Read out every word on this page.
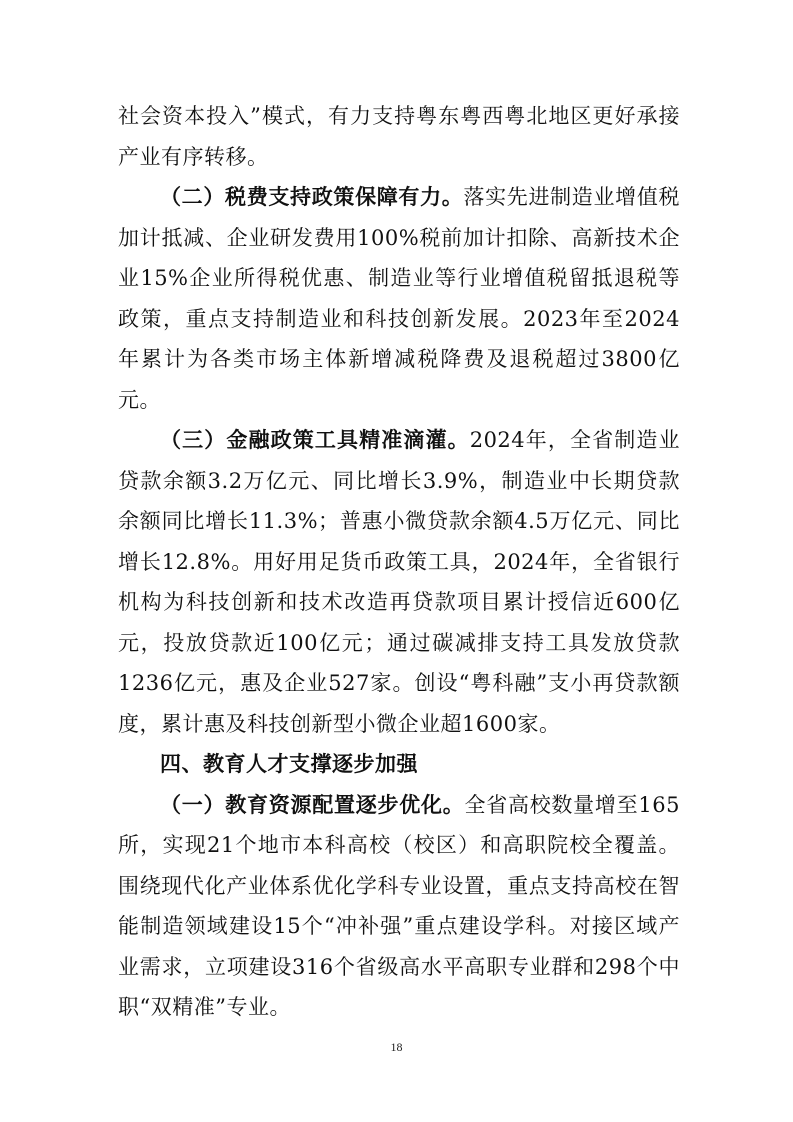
社会资本投入”模式，有力支持粤东粤西粤北地区更好承接产业有序转移。

（二）税费支持政策保障有力。落实先进制造业增值税加计抵减、企业研发费用100%税前加计扣除、高新技术企业15%企业所得税优惠、制造业等行业增值税留抵退税等政策，重点支持制造业和科技创新发展。2023年至2024年累计为各类市场主体新增减税降费及退税超过3800亿元。

（三）金融政策工具精准滴灌。2024年，全省制造业贷款余额3.2万亿元、同比增长3.9%，制造业中长期贷款余额同比增长11.3%；普惠小微贷款余额4.5万亿元、同比增长12.8%。用好用足货币政策工具，2024年，全省银行机构为科技创新和技术改造再贷款项目累计授信近600亿元，投放贷款近100亿元；通过碳减排支持工具发放贷款1236亿元，惠及企业527家。创设“粤科融”支小再贷款额度，累计惠及科技创新型小微企业超1600家。

四、教育人才支撑逐步加强

（一）教育资源配置逐步优化。全省高校数量增至165所，实现21个地市本科高校（校区）和高职院校全覆盖。围绕现代化产业体系优化学科专业设置，重点支持高校在智能制造领域建设15个“冲补强”重点建设学科。对接区域产业需求，立项建设316个省级高水平高职专业群和298个中职“双精准”专业。

18
